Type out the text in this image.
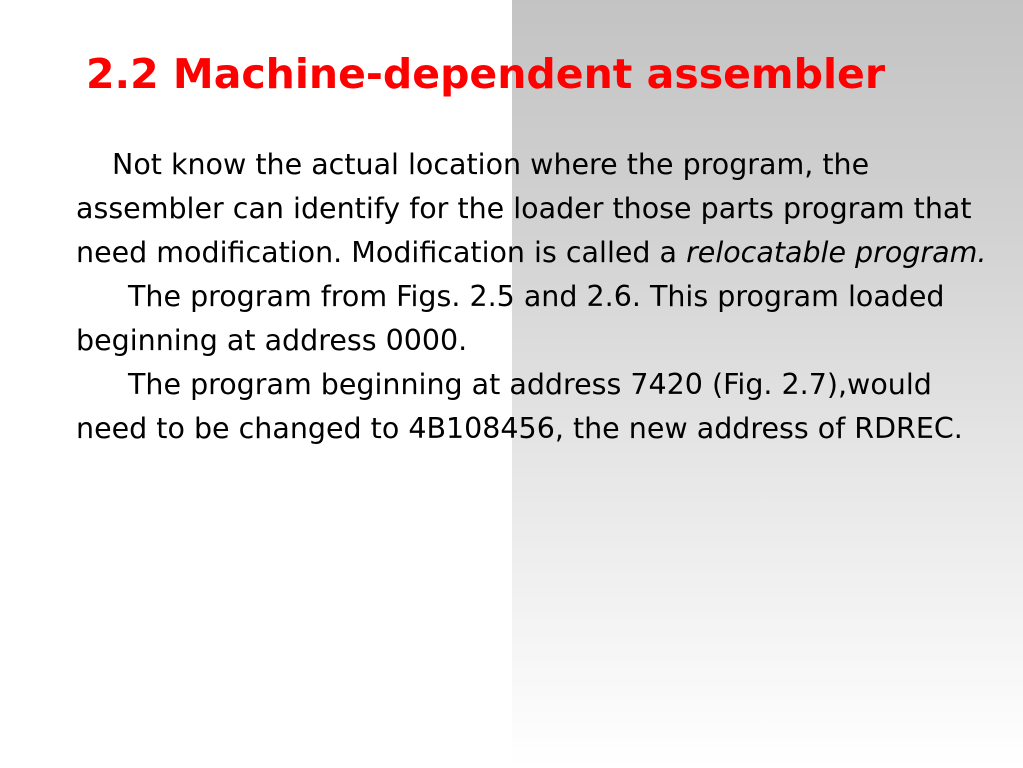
2.2 Machine-dependent assembler

Not know the actual location where the program, the assembler can identify for the loader those parts program that need modification. Modification is called a relocatable program.

The program from Figs. 2.5 and 2.6. This program loaded beginning at address 0000.

The program beginning at address 7420 (Fig. 2.7),would need to be changed to 4B108456, the new address of RDREC.
